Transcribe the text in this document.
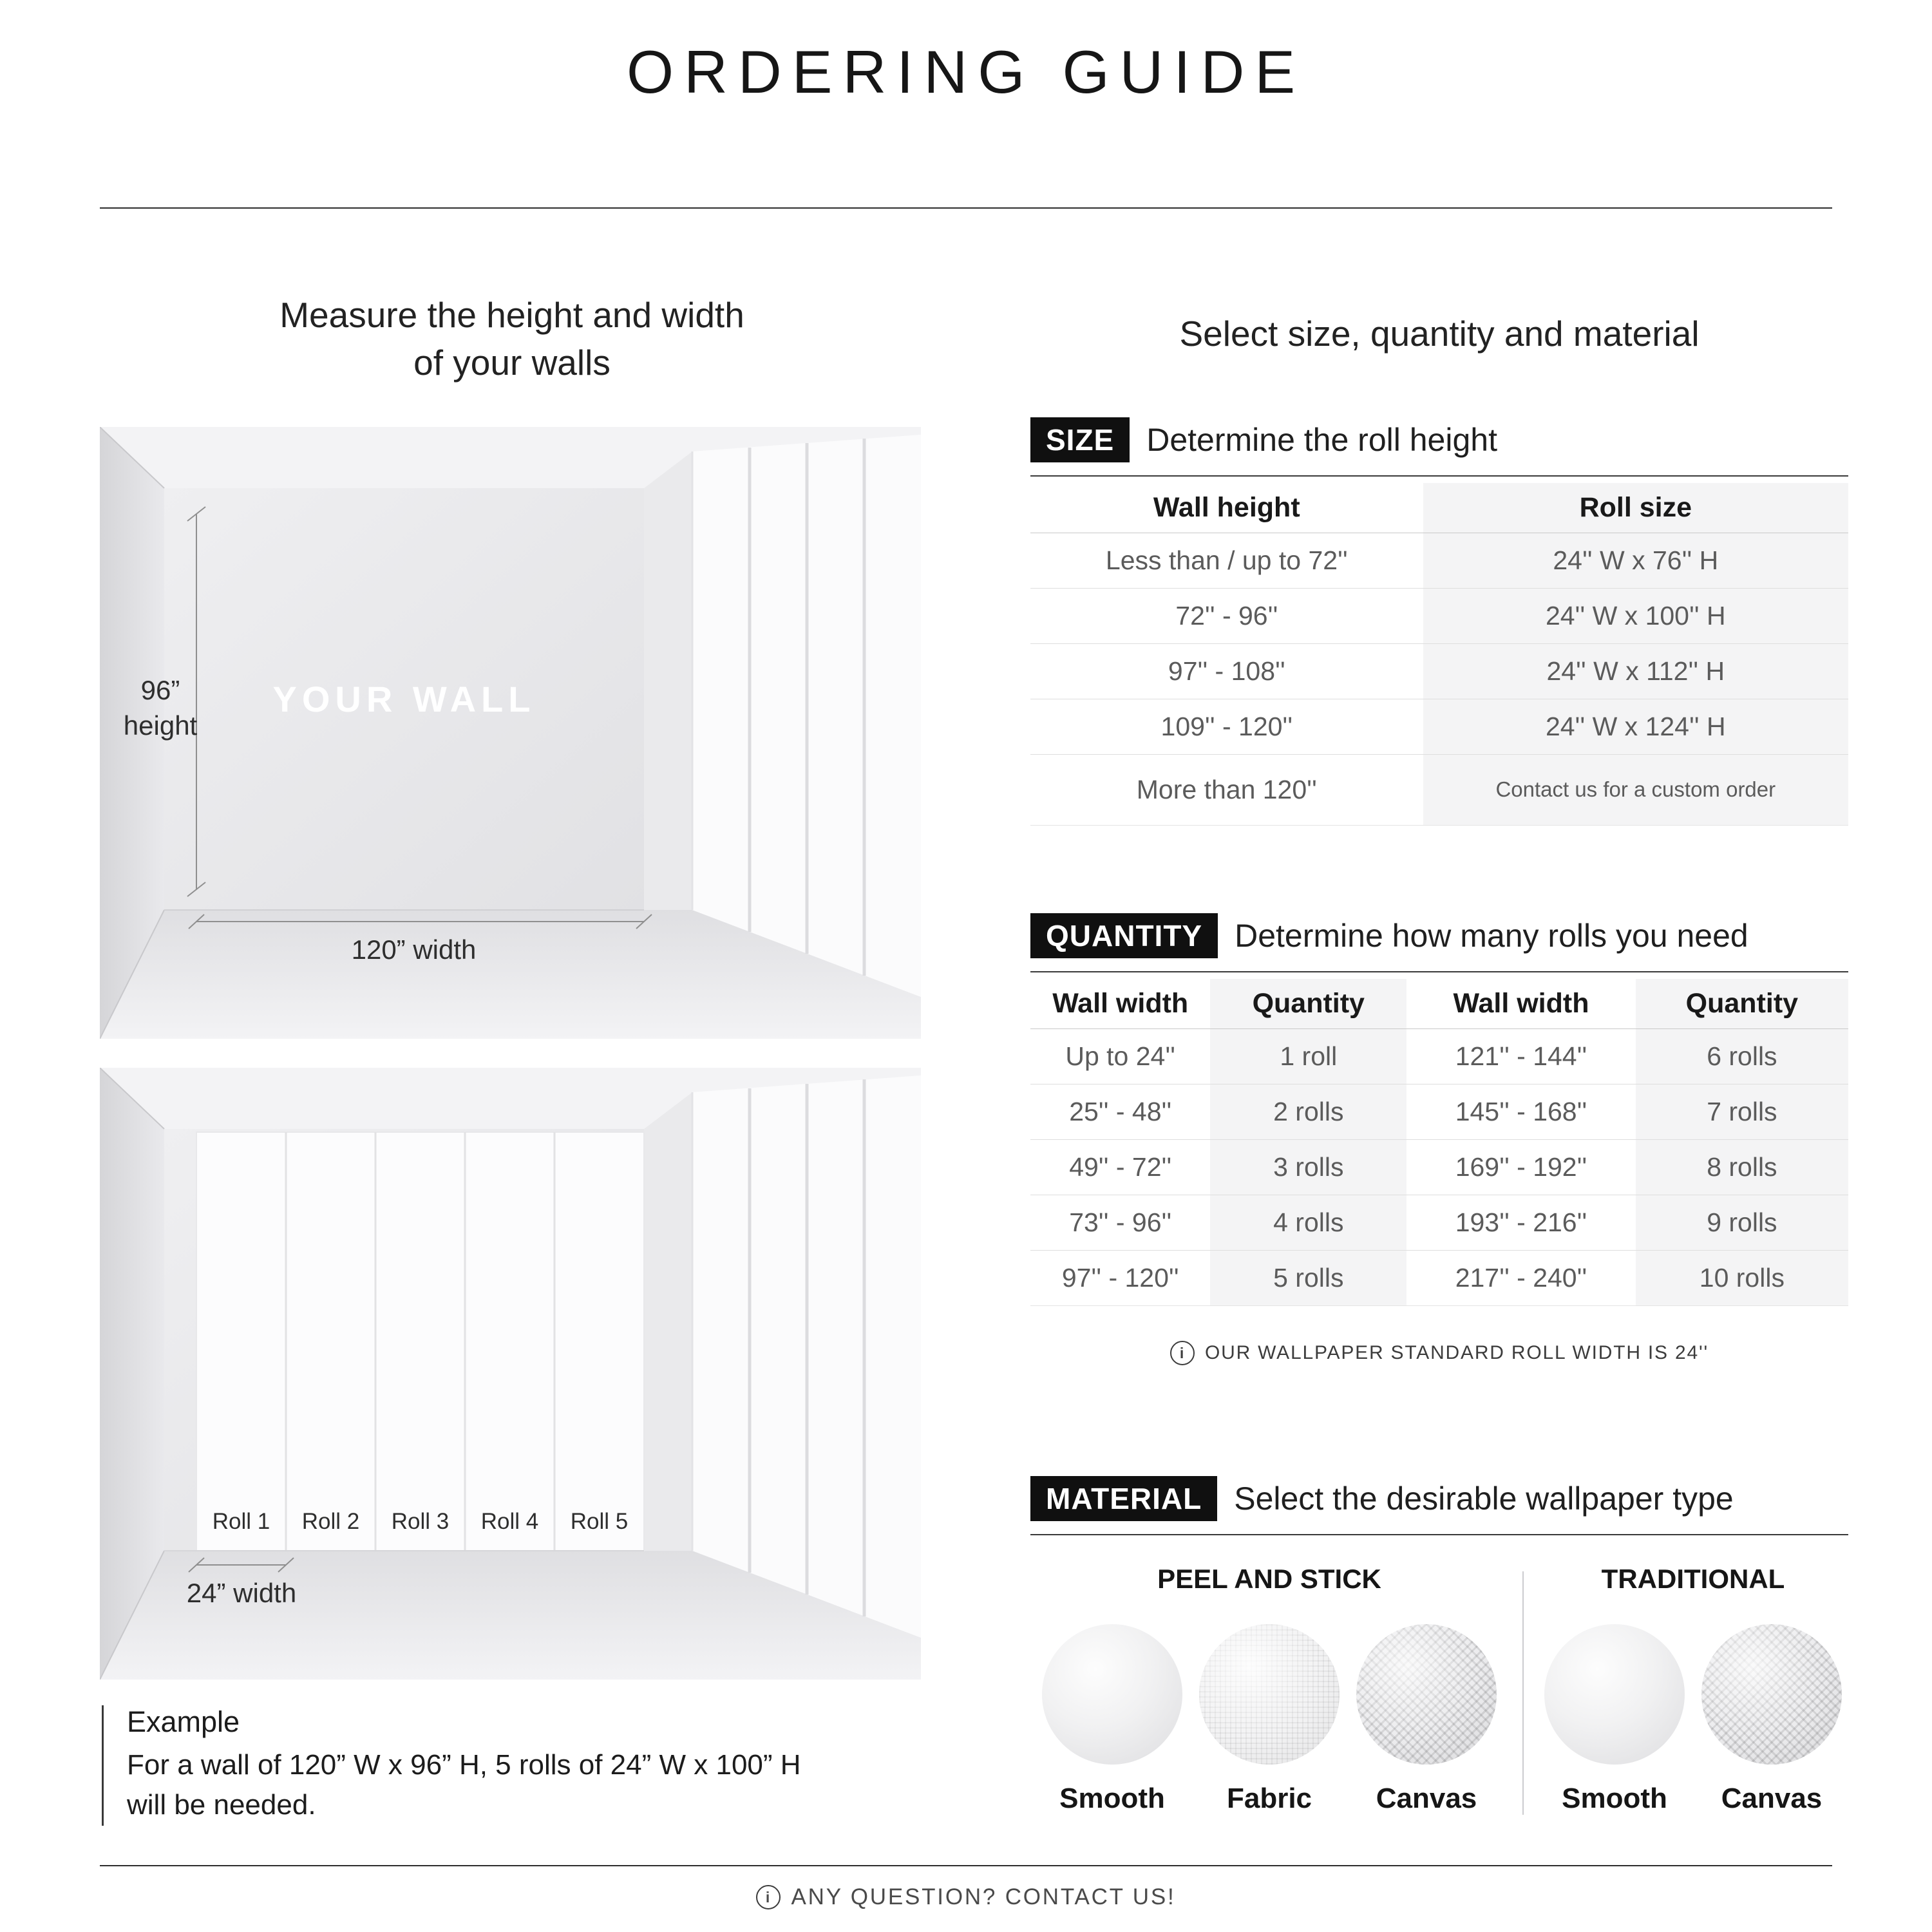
ORDERING GUIDE
Measure the height and width
of your walls
Select size, quantity and material
YOUR WALL
96”
height
120” width
Roll 1	Roll 2	Roll 3	Roll 4	Roll 5
24” width
Example
For a wall of 120” W x 96” H, 5 rolls of 24” W x 100” H
will be needed.
SIZE	Determine the roll height
Wall height	Roll size
Less than / up to 72''	24'' W x 76'' H
72'' - 96''	24'' W x 100'' H
97'' - 108''	24'' W x 112'' H
109'' - 120''	24'' W x 124'' H
More than 120''	Contact us for a custom order
QUANTITY	Determine how many rolls you need
Wall width	Quantity	Wall width	Quantity
Up to 24''	1 roll	121'' - 144''	6 rolls
25'' - 48''	2 rolls	145'' - 168''	7 rolls
49'' - 72''	3 rolls	169'' - 192''	8 rolls
73'' - 96''	4 rolls	193'' - 216''	9 rolls
97'' - 120''	5 rolls	217'' - 240''	10 rolls
i	OUR WALLPAPER STANDARD ROLL WIDTH IS 24''
MATERIAL	Select the desirable wallpaper type
PEEL AND STICK
Smooth Fabric Canvas
TRADITIONAL
Smooth Canvas
i ANY QUESTION? CONTACT US!
